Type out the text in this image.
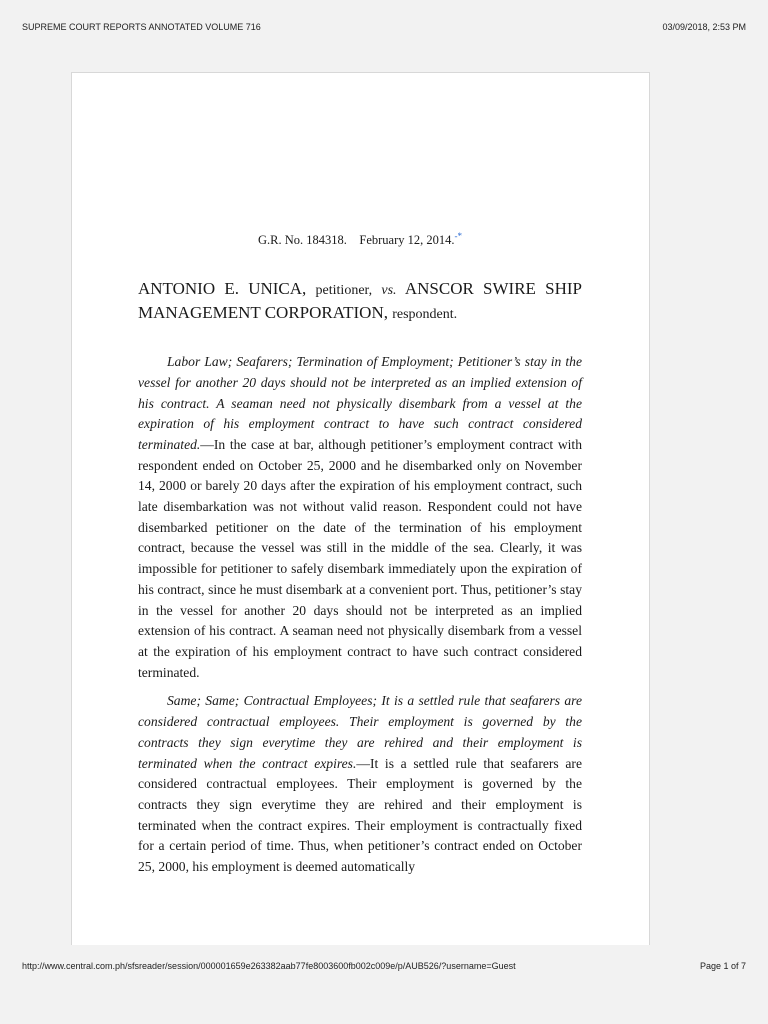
SUPREME COURT REPORTS ANNOTATED VOLUME 716	03/09/2018, 2:53 PM

G.R. No. 184318.    February 12, 2014.-*

ANTONIO E. UNICA, petitioner, vs. ANSCOR SWIRE SHIP MANAGEMENT CORPORATION, respondent.

Labor Law; Seafarers; Termination of Employment; Petitioner’s stay in the vessel for another 20 days should not be interpreted as an implied extension of his contract. A seaman need not physically disembark from a vessel at the expiration of his employment contract to have such contract considered terminated.—In the case at bar, although petitioner’s employment contract with respondent ended on October 25, 2000 and he disembarked only on November 14, 2000 or barely 20 days after the expiration of his employment contract, such late disembarkation was not without valid reason. Respondent could not have disembarked petitioner on the date of the termination of his employment contract, because the vessel was still in the middle of the sea. Clearly, it was impossible for petitioner to safely disembark immediately upon the expiration of his contract, since he must disembark at a convenient port. Thus, petitioner’s stay in the vessel for another 20 days should not be interpreted as an implied extension of his contract. A seaman need not physically disembark from a vessel at the expiration of his employment contract to have such contract considered terminated.

Same; Same; Contractual Employees; It is a settled rule that seafarers are considered contractual employees. Their employment is governed by the contracts they sign everytime they are rehired and their employment is terminated when the contract expires.—It is a settled rule that seafarers are considered contractual employees. Their employment is governed by the contracts they sign everytime they are rehired and their employment is terminated when the contract expires. Their employment is contractually fixed for a certain period of time. Thus, when petitioner’s contract ended on October 25, 2000, his employment is deemed automatically

http://www.central.com.ph/sfsreader/session/000001659e263382aab77fe8003600fb002c009e/p/AUB526/?username=Guest	Page 1 of 7
